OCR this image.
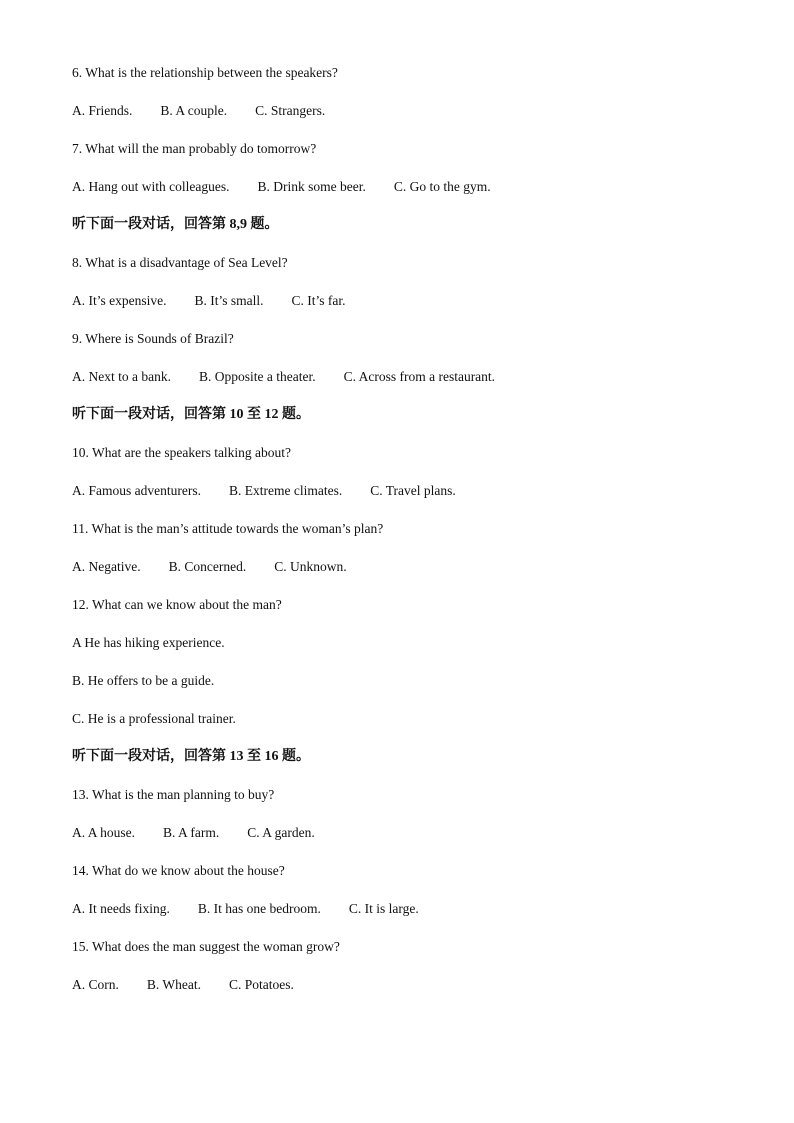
6. What is the relationship between the speakers?
A. Friends. B. A couple. C. Strangers.
7. What will the man probably do tomorrow?
A. Hang out with colleagues. B. Drink some beer. C. Go to the gym.
听下面一段对话，回答第 8,9 题。
8. What is a disadvantage of Sea Level?
A. It’s expensive. B. It’s small. C. It’s far.
9. Where is Sounds of Brazil?
A. Next to a bank. B. Opposite a theater. C. Across from a restaurant.
听下面一段对话，回答第 10 至 12 题。
10. What are the speakers talking about?
A. Famous adventurers. B. Extreme climates. C. Travel plans.
11. What is the man’s attitude towards the woman’s plan?
A. Negative. B. Concerned. C. Unknown.
12. What can we know about the man?
A He has hiking experience.
B. He offers to be a guide.
C. He is a professional trainer.
听下面一段对话，回答第 13 至 16 题。
13. What is the man planning to buy?
A. A house. B. A farm. C. A garden.
14. What do we know about the house?
A. It needs fixing. B. It has one bedroom. C. It is large.
15. What does the man suggest the woman grow?
A. Corn. B. Wheat. C. Potatoes.
